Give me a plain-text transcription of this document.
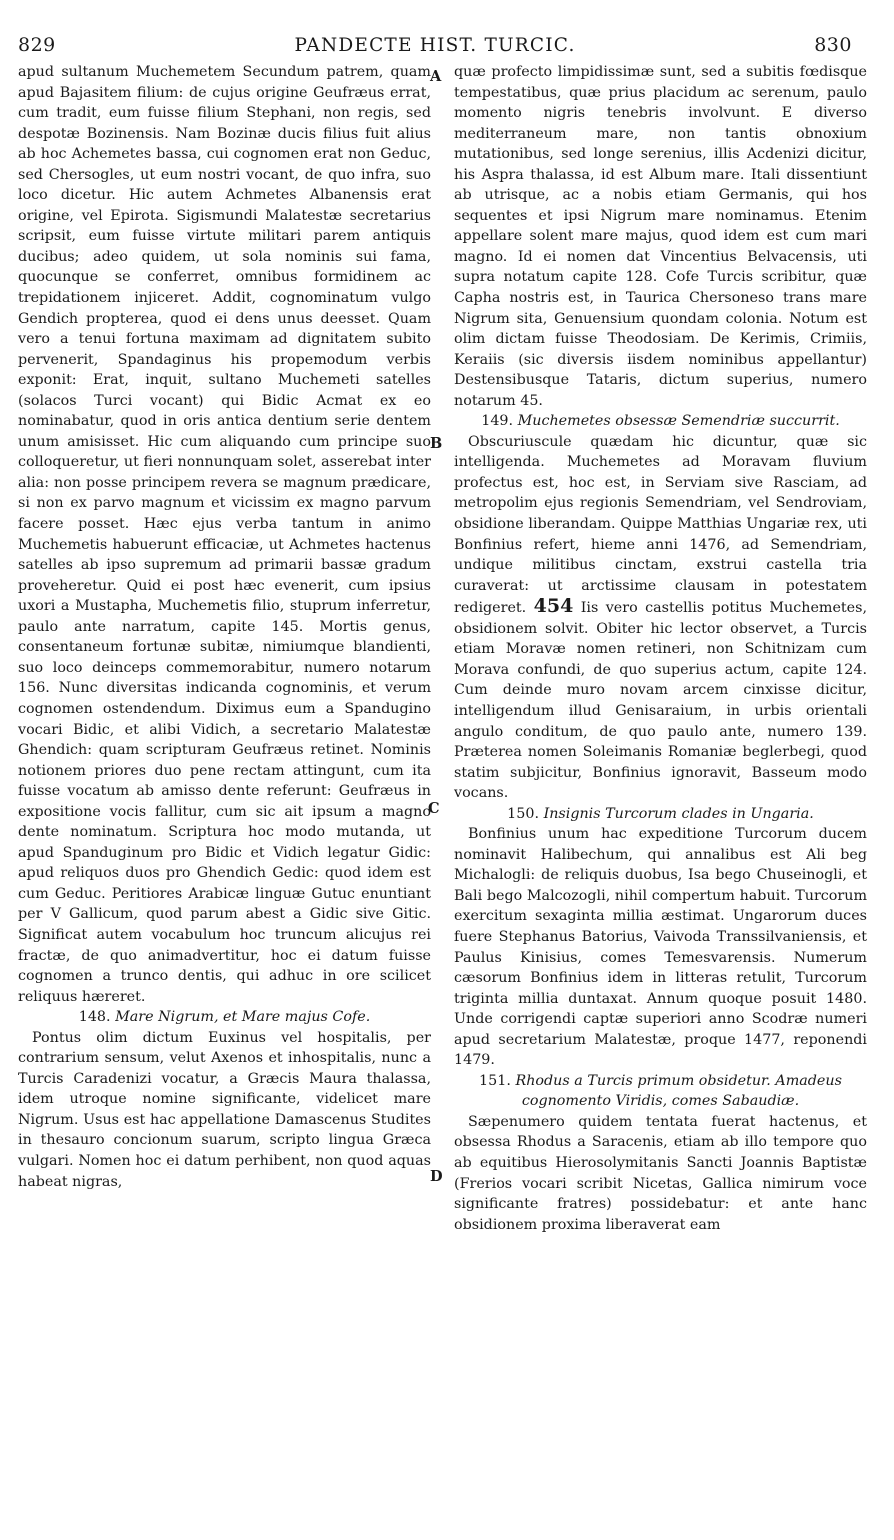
829	PANDECTE HIST. TURCIC.	830
A
B
C
D

apud sultanum Muchemetem Secundum patrem, quam apud Bajasitem filium: de cujus origine Geufræus errat, cum tradit, eum fuisse filium Stephani, non regis, sed despotæ Bozinensis. Nam Bozinæ ducis filius fuit alius ab hoc Achemetes bassa, cui cognomen erat non Geduc, sed Chersogles, ut eum nostri vocant, de quo infra, suo loco dicetur. Hic autem Achmetes Albanensis erat origine, vel Epirota. Sigismundi Malatestæ secretarius scripsit, eum fuisse virtute militari parem antiquis ducibus; adeo quidem, ut sola nominis sui fama, quocunque se conferret, omnibus formidinem ac trepidationem injiceret. Addit, cognominatum vulgo Gendich propterea, quod ei dens unus deesset. Quam vero a tenui fortuna maximam ad dignitatem subito pervenerit, Spandaginus his propemodum verbis exponit: Erat, inquit, sultano Muchemeti satelles (solacos Turci vocant) qui Bidic Acmat ex eo nominabatur, quod in oris antica dentium serie dentem unum amisisset. Hic cum aliquando cum principe suo colloqueretur, ut fieri nonnunquam solet, asserebat inter alia: non posse principem revera se magnum prædicare, si non ex parvo magnum et vicissim ex magno parvum facere posset. Hæc ejus verba tantum in animo Muchemetis habuerunt efficaciæ, ut Achmetes hactenus satelles ab ipso supremum ad primarii bassæ gradum proveheretur. Quid ei post hæc evenerit, cum ipsius uxori a Mustapha, Muchemetis filio, stuprum inferretur, paulo ante narratum, capite 145. Mortis genus, consentaneum fortunæ subitæ, nimiumque blandienti, suo loco deinceps commemorabitur, numero notarum 156. Nunc diversitas indicanda cognominis, et verum cognomen ostendendum. Diximus eum a Spandugino vocari Bidic, et alibi Vidich, a secretario Malatestæ Ghendich: quam scripturam Geufræus retinet. Nominis notionem priores duo pene rectam attingunt, cum ita fuisse vocatum ab amisso dente referunt: Geufræus in expositione vocis fallitur, cum sic ait ipsum a magno dente nominatum. Scriptura hoc modo mutanda, ut apud Spanduginum pro Bidic et Vidich legatur Gidic: apud reliquos duos pro Ghendich Gedic: quod idem est cum Geduc. Peritiores Arabicæ linguæ Gutuc enuntiant per V Gallicum, quod parum abest a Gidic sive Gitic. Significat autem vocabulum hoc truncum alicujus rei fractæ, de quo animadvertitur, hoc ei datum fuisse cognomen a trunco dentis, qui adhuc in ore scilicet reliquus hæreret.

148. Mare Nigrum, et Mare majus Cofe.

Pontus olim dictum Euxinus vel hospitalis, per contrarium sensum, velut Axenos et inhospitalis, nunc a Turcis Caradenizi vocatur, a Græcis Maura thalassa, idem utroque nomine significante, videlicet mare Nigrum. Usus est hac appellatione Damascenus Studites in thesauro concionum suarum, scripto lingua Græca vulgari. Nomen hoc ei datum perhibent, non quod aquas habeat nigras,

quæ profecto limpidissimæ sunt, sed a subitis fœdisque tempestatibus, quæ prius placidum ac serenum, paulo momento nigris tenebris involvunt. E diverso mediterraneum mare, non tantis obnoxium mutationibus, sed longe serenius, illis Acdenizi dicitur, his Aspra thalassa, id est Album mare. Itali dissentiunt ab utrisque, ac a nobis etiam Germanis, qui hos sequentes et ipsi Nigrum mare nominamus. Etenim appellare solent mare majus, quod idem est cum mari magno. Id ei nomen dat Vincentius Belvacensis, uti supra notatum capite 128. Cofe Turcis scribitur, quæ Capha nostris est, in Taurica Chersoneso trans mare Nigrum sita, Genuensium quondam colonia. Notum est olim dictam fuisse Theodosiam. De Kerimis, Crimiis, Keraiis (sic diversis iisdem nominibus appellantur) Destensibusque Tataris, dictum superius, numero notarum 45.

149. Muchemetes obsessæ Semendriæ succurrit.

Obscuriuscule quædam hic dicuntur, quæ sic intelligenda. Muchemetes ad Moravam fluvium profectus est, hoc est, in Serviam sive Rasciam, ad metropolim ejus regionis Semendriam, vel Sendroviam, obsidione liberandam. Quippe Matthias Ungariæ rex, uti Bonfinius refert, hieme anni 1476, ad Semendriam, undique militibus cinctam, exstrui castella tria curaverat: ut arctissime clausam in potestatem redigeret. 454 Iis vero castellis potitus Muchemetes, obsidionem solvit. Obiter hic lector observet, a Turcis etiam Moravæ nomen retineri, non Schitnizam cum Morava confundi, de quo superius actum, capite 124. Cum deinde muro novam arcem cinxisse dicitur, intelligendum illud Genisaraium, in urbis orientali angulo conditum, de quo paulo ante, numero 139. Præterea nomen Soleimanis Romaniæ beglerbegi, quod statim subjicitur, Bonfinius ignoravit, Basseum modo vocans.

150. Insignis Turcorum clades in Ungaria.

Bonfinius unum hac expeditione Turcorum ducem nominavit Halibechum, qui annalibus est Ali beg Michalogli: de reliquis duobus, Isa bego Chuseinogli, et Bali bego Malcozogli, nihil compertum habuit. Turcorum exercitum sexaginta millia æstimat. Ungarorum duces fuere Stephanus Batorius, Vaivoda Transsilvaniensis, et Paulus Kinisius, comes Temesvarensis. Numerum cæsorum Bonfinius idem in litteras retulit, Turcorum triginta millia duntaxat. Annum quoque posuit 1480. Unde corrigendi captæ superiori anno Scodræ numeri apud secretarium Malatestæ, proque 1477, reponendi 1479.

151. Rhodus a Turcis primum obsidetur. Amadeus
cognomento Viridis, comes Sabaudiæ.

Sæpenumero quidem tentata fuerat hactenus, et obsessa Rhodus a Saracenis, etiam ab illo tempore quo ab equitibus Hierosolymitanis Sancti Joannis Baptistæ (Frerios vocari scribit Nicetas, Gallica nimirum voce significante fratres) possidebatur: et ante hanc obsidionem proxima liberaverat eam
